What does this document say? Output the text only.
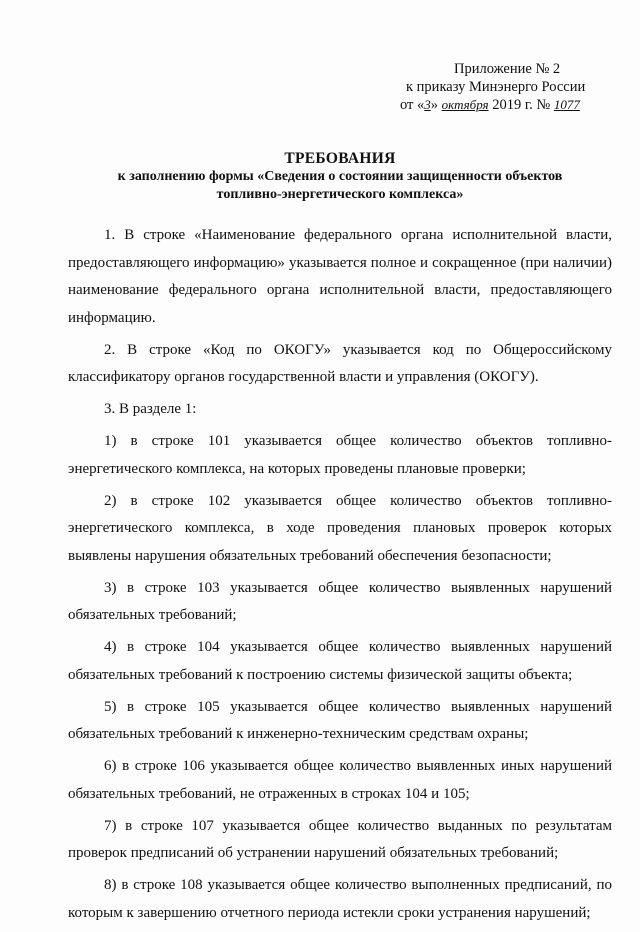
Приложение № 2
к приказу Минэнерго России
от «3» октября 2019 г. № 1077
ТРЕБОВАНИЯ
к заполнению формы «Сведения о состоянии защищенности объектов
топливно-энергетического комплекса»

1. В строке «Наименование федерального органа исполнительной власти, предоставляющего информацию» указывается полное и сокращенное (при наличии) наименование федерального органа исполнительной власти, предоставляющего информацию.

2. В строке «Код по ОКОГУ» указывается код по Общероссийскому классификатору органов государственной власти и управления (ОКОГУ).

3. В разделе 1:

1) в строке 101 указывается общее количество объектов топливно-энергетического комплекса, на которых проведены плановые проверки;

2) в строке 102 указывается общее количество объектов топливно-энергетического комплекса, в ходе проведения плановых проверок которых выявлены нарушения обязательных требований обеспечения безопасности;

3) в строке 103 указывается общее количество выявленных нарушений обязательных требований;

4) в строке 104 указывается общее количество выявленных нарушений обязательных требований к построению системы физической защиты объекта;

5) в строке 105 указывается общее количество выявленных нарушений обязательных требований к инженерно-техническим средствам охраны;

6) в строке 106 указывается общее количество выявленных иных нарушений обязательных требований, не отраженных в строках 104 и 105;

7) в строке 107 указывается общее количество выданных по результатам проверок предписаний об устранении нарушений обязательных требований;

8) в строке 108 указывается общее количество выполненных предписаний, по которым к завершению отчетного периода истекли сроки устранения нарушений;
